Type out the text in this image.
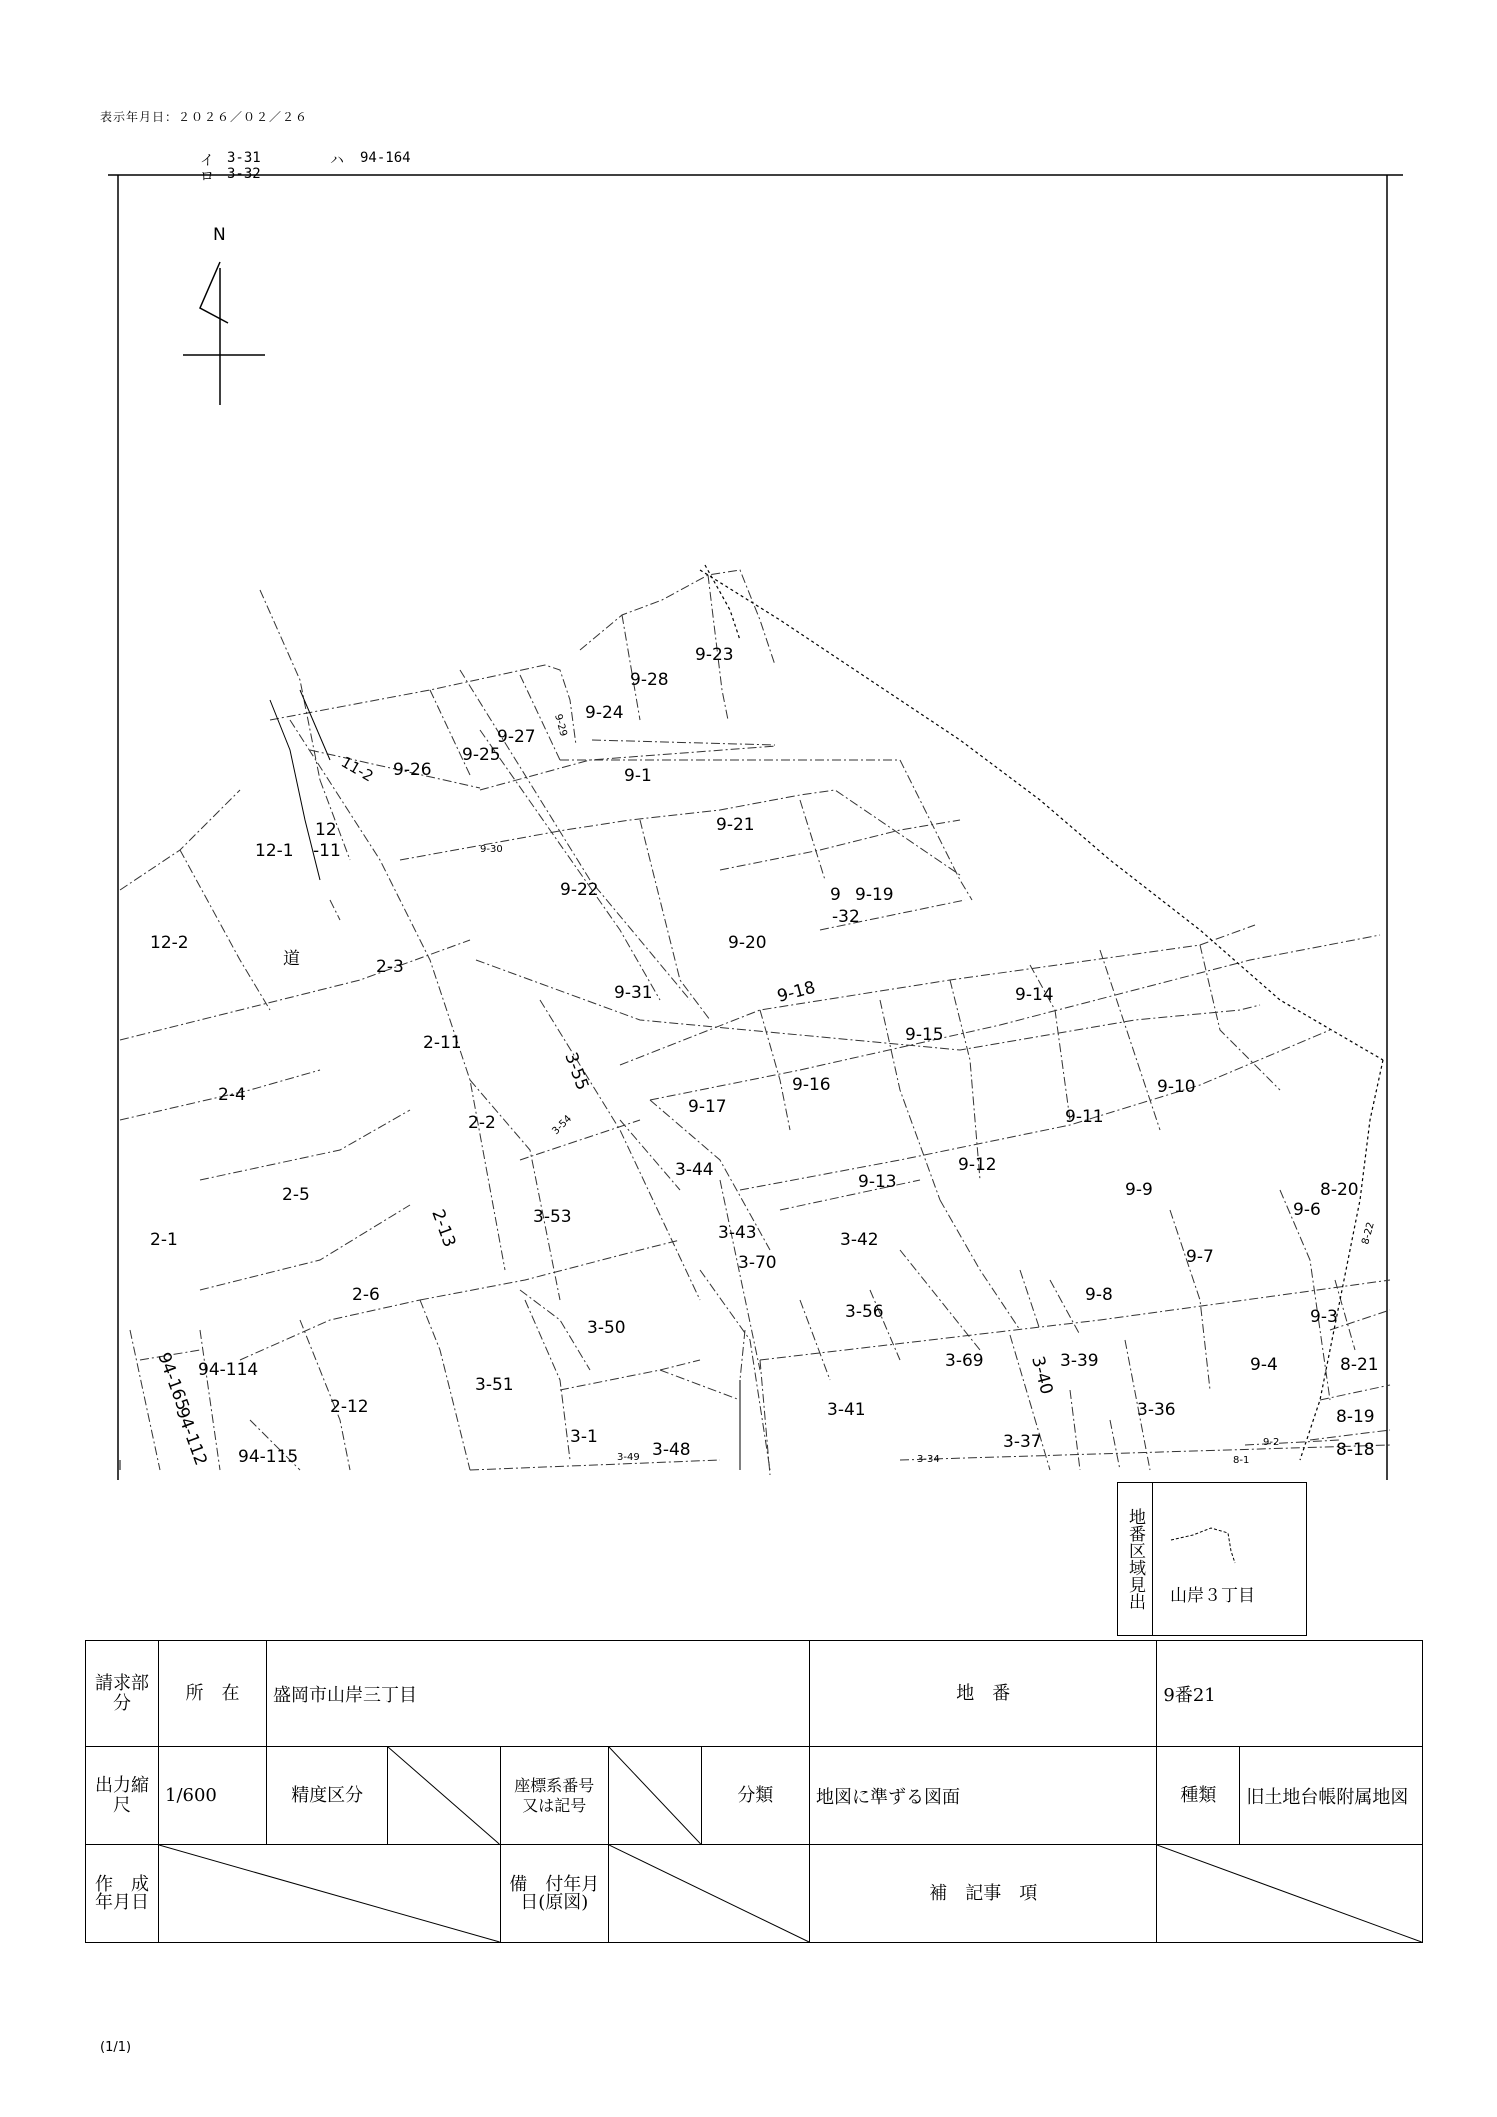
表示年月日：２０２６／０２／２６
イ 3-31
ロ 3-32
ハ 94-164
N
9-23
9-28
9-24
9-29
9-27
9-25
9-26
11-2	9-1
12
-11
12-1	9-30
9-21
9-22	9 9-19
-32
12-2
2-3
9-20
9-31	9-18	9-14
2-11
3-55
9-15
2-4
9-17
9-16	9-10
9-11
3-54
2-2
3-44	9-12
9-13	8-20
2-5
3-53
9-9
9-6
3-43	3-42
2-1	2-13
3-70
8-22
9-7
2-6	9-8
3-56	9-3
3-50
94-114	3-69	3-39	9-4	8-21
94-165
94-112
3-40
2-12
3-51
3-41	3-36	8-19
3-1	3-37	9-2
3-48
94-115	3-49	8-18
3-34	8-1
道
地番区域見出	山岸３丁目
請求部分	所　在	盛岡市山岸三丁目					地　番	9番21	
出力縮尺	1/600	精度区分		座標系番号又は記号		分類	地図に準ずる図面	種類	旧土地台帳附属地図
作　成年月日				備　付年月日(原図)			補　記事　項	
(1/1)
